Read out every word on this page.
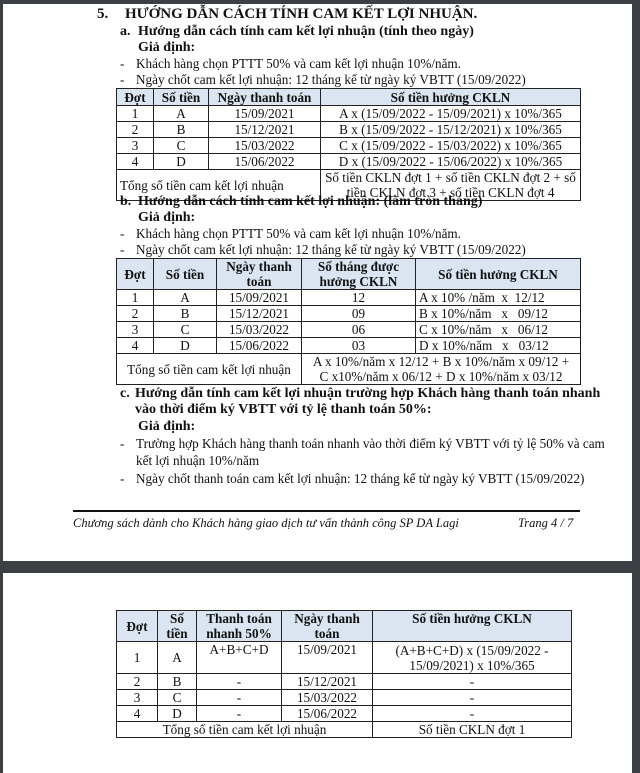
5. HƯỚNG DẪN CÁCH TÍNH CAM KẾT LỢI NHUẬN.
a. Hướng dẫn cách tính cam kết lợi nhuận (tính theo ngày)
Giả định:
- Khách hàng chọn PTTT 50% và cam kết lợi nhuận 10%/năm.
- Ngày chốt cam kết lợi nhuận: 12 tháng kể từ ngày ký VBTT (15/09/2022)
Đợt	Số tiền	Ngày thanh toán	Số tiền hưởng CKLN
1	A	15/09/2021	A x (15/09/2022 - 15/09/2021) x 10%/365
2	B	15/12/2021	B x (15/09/2022 - 15/12/2021) x 10%/365
3	C	15/03/2022	C x (15/09/2022 - 15/03/2022) x 10%/365
4	D	15/06/2022	D x (15/09/2022 - 15/06/2022) x 10%/365
Tổng số tiền cam kết lợi nhuận			Số tiền CKLN đợt 1 + số tiền CKLN đợt 2 + số
tiền CKLN đợt 3 + số tiền CKLN đợt 4
b. Hướng dẫn cách tính cam kết lợi nhuận: (làm tròn tháng)
Giả định:
- Khách hàng chọn PTTT 50% và cam kết lợi nhuận 10%/năm.
- Ngày chốt cam kết lợi nhuận: 12 tháng kể từ ngày ký VBTT (15/09/2022)
Đợt	Số tiền	Ngày thanh toán	Số tháng được hưởng CKLN	Số tiền hưởng CKLN
1	A	15/09/2021	12	A x 10% /năm  x  12/12
2	B	15/12/2021	09	B x 10%/năm   x   09/12
3	C	15/03/2022	06	C x 10%/năm   x   06/12
4	D	15/06/2022	03	D x 10%/năm   x   03/12
Tổng số tiền cam kết lợi nhuận			A x 10%/năm x 12/12 + B x 10%/năm x 09/12 +
C x10%/năm x 06/12 + D x 10%/năm x 03/12	
c. Hướng dẫn tính cam kết lợi nhuận trường hợp Khách hàng thanh toán nhanh
vào thời điểm ký VBTT với tỷ lệ thanh toán 50%:
Giả định:
- Trường hợp Khách hàng thanh toán nhanh vào thời điểm ký VBTT với tỷ lệ 50% và cam
kết lợi nhuận 10%/năm
- Ngày chốt thanh toán cam kết lợi nhuận: 12 tháng kể từ ngày ký VBTT (15/09/2022)
Chương sách dành cho Khách hàng giao dịch tư vấn thành công SP DA Lagi	Trang 4 / 7
Đợt	Số tiền	Thanh toán nhanh 50%	Ngày thanh toán	Số tiền hưởng CKLN
1	A	A+B+C+D	15/09/2021	(A+B+C+D) x (15/09/2022 -
15/09/2021) x 10%/365

2	B	-	15/12/2021	-
3	C	-	15/03/2022	-
4	D	-	15/06/2022	-
Tổng số tiền cam kết lợi nhuận				Số tiền CKLN đợt 1
